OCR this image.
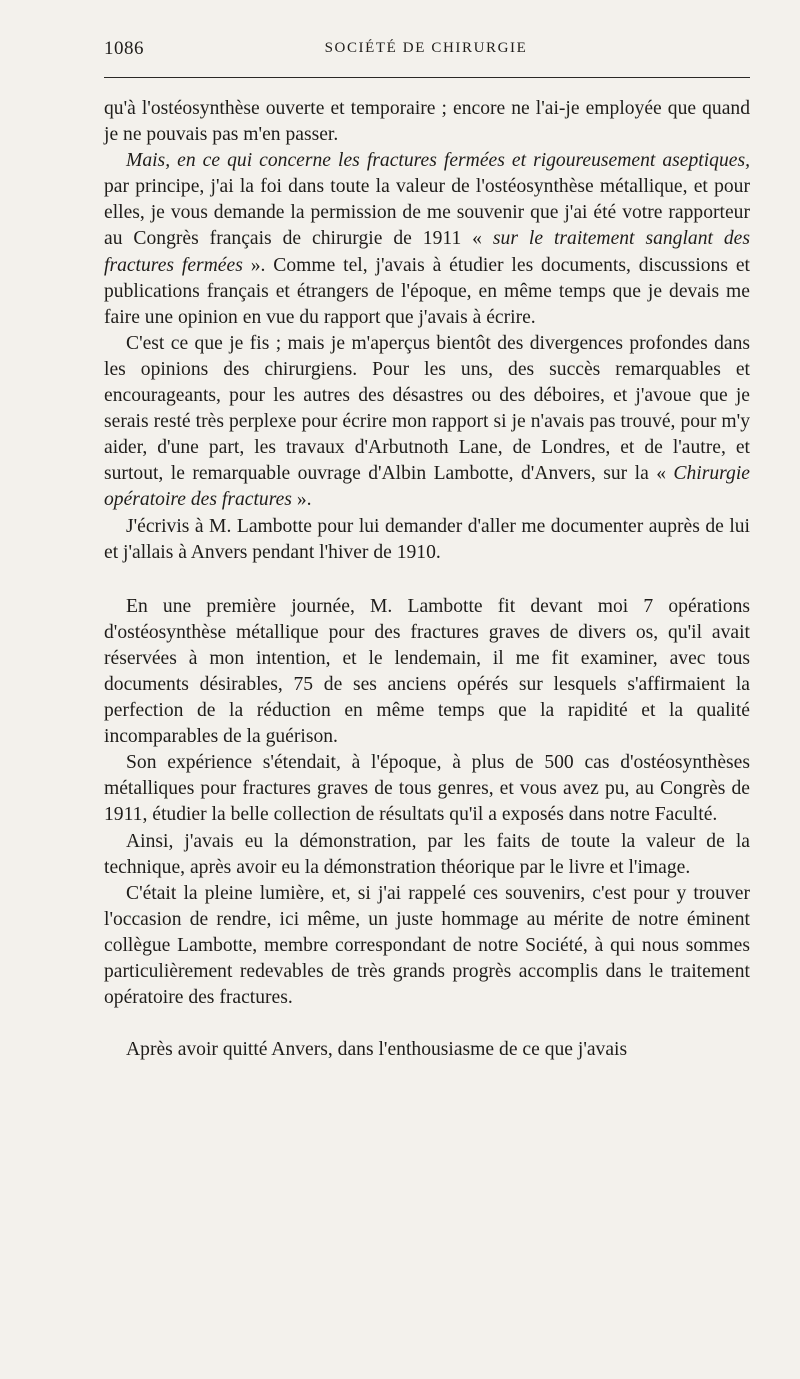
1086	SOCIÉTÉ DE CHIRURGIE

qu'à l'ostéosynthèse ouverte et temporaire ; encore ne l'ai-je employée que quand je ne pouvais pas m'en passer.

Mais, en ce qui concerne les fractures fermées et rigoureusement aseptiques, par principe, j'ai la foi dans toute la valeur de l'ostéosynthèse métallique, et pour elles, je vous demande la permission de me souvenir que j'ai été votre rapporteur au Congrès français de chirurgie de 1911 « sur le traitement sanglant des fractures fermées ». Comme tel, j'avais à étudier les documents, discussions et publications français et étrangers de l'époque, en même temps que je devais me faire une opinion en vue du rapport que j'avais à écrire.

C'est ce que je fis ; mais je m'aperçus bientôt des divergences profondes dans les opinions des chirurgiens. Pour les uns, des succès remarquables et encourageants, pour les autres des désastres ou des déboires, et j'avoue que je serais resté très perplexe pour écrire mon rapport si je n'avais pas trouvé, pour m'y aider, d'une part, les travaux d'Arbutnoth Lane, de Londres, et de l'autre, et surtout, le remarquable ouvrage d'Albin Lambotte, d'Anvers, sur la « Chirurgie opératoire des fractures ».

J'écrivis à M. Lambotte pour lui demander d'aller me documenter auprès de lui et j'allais à Anvers pendant l'hiver de 1910.

En une première journée, M. Lambotte fit devant moi 7 opérations d'ostéosynthèse métallique pour des fractures graves de divers os, qu'il avait réservées à mon intention, et le lendemain, il me fit examiner, avec tous documents désirables, 75 de ses anciens opérés sur lesquels s'affirmaient la perfection de la réduction en même temps que la rapidité et la qualité incomparables de la guérison.

Son expérience s'étendait, à l'époque, à plus de 500 cas d'ostéosynthèses métalliques pour fractures graves de tous genres, et vous avez pu, au Congrès de 1911, étudier la belle collection de résultats qu'il a exposés dans notre Faculté.

Ainsi, j'avais eu la démonstration, par les faits de toute la valeur de la technique, après avoir eu la démonstration théorique par le livre et l'image.

C'était la pleine lumière, et, si j'ai rappelé ces souvenirs, c'est pour y trouver l'occasion de rendre, ici même, un juste hommage au mérite de notre éminent collègue Lambotte, membre correspondant de notre Société, à qui nous sommes particulièrement redevables de très grands progrès accomplis dans le traitement opératoire des fractures.

Après avoir quitté Anvers, dans l'enthousiasme de ce que j'avais
